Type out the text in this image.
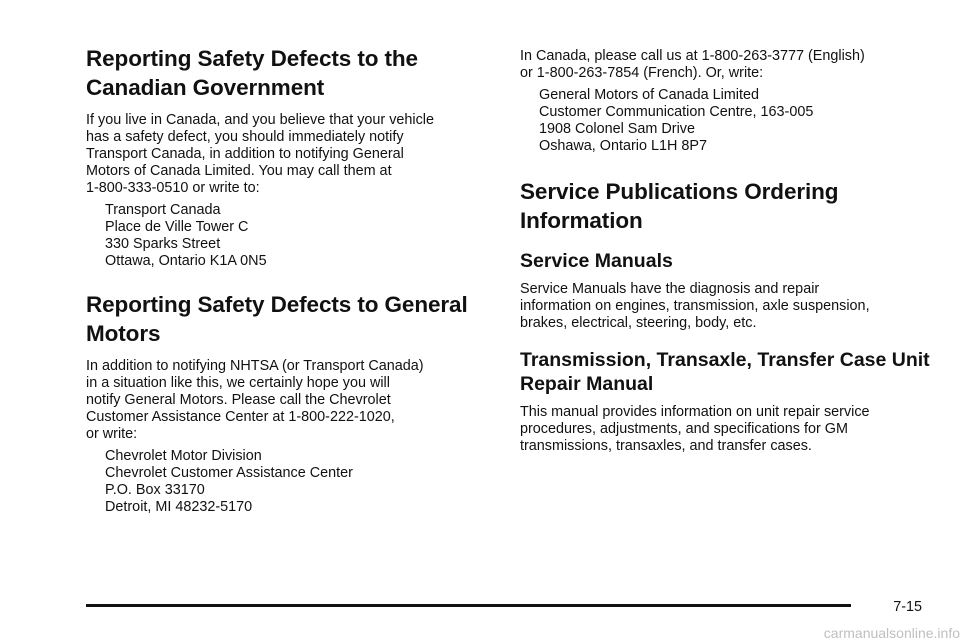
Reporting Safety Defects to the Canadian Government

If you live in Canada, and you believe that your vehicle
has a safety defect, you should immediately notify
Transport Canada, in addition to notifying General
Motors of Canada Limited. You may call them at
1-800-333-0510 or write to:

Transport Canada
Place de Ville Tower C
330 Sparks Street
Ottawa, Ontario K1A 0N5
Reporting Safety Defects to General Motors

In addition to notifying NHTSA (or Transport Canada)
in a situation like this, we certainly hope you will
notify General Motors. Please call the Chevrolet
Customer Assistance Center at 1-800-222-1020,
or write:

Chevrolet Motor Division
Chevrolet Customer Assistance Center
P.O. Box 33170
Detroit, MI 48232-5170

In Canada, please call us at 1-800-263-3777 (English)
or 1-800-263-7854 (French). Or, write:

General Motors of Canada Limited
Customer Communication Centre, 163-005
1908 Colonel Sam Drive
Oshawa, Ontario L1H 8P7
Service Publications Ordering Information
Service Manuals

Service Manuals have the diagnosis and repair
information on engines, transmission, axle suspension,
brakes, electrical, steering, body, etc.

Transmission, Transaxle, Transfer Case Unit Repair Manual

This manual provides information on unit repair service
procedures, adjustments, and specifications for GM
transmissions, transaxles, and transfer cases.

7-15
carmanualsonline.info
